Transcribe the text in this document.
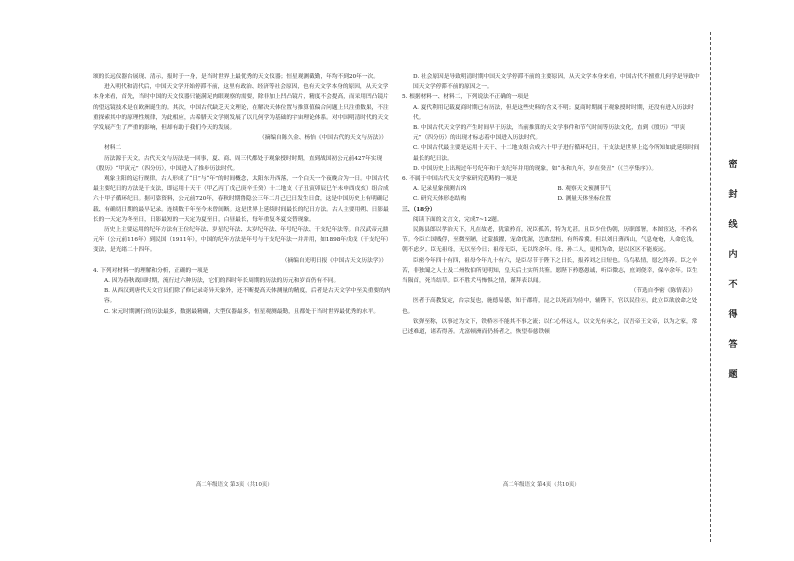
颂的长远仪器台展现、清示，报时于一身，是当时世界上最优秀的天文仪器；恒星观测截勤，年均不到20年一次。

进入明代和清代后，中国天文学开始停滞不前，这里有政治、经济等社会原因，也有天文学本身的原因，从天文学本身来看，首先，当时中国的天文仪器只能满足肉眼观察的需要，除非加上凹凸镜片，精度不会提高，而采用凹凸镜片的望远镜技术是在欧洲诞生的。其次，中国古代缺乏天文理论，在解决天体位置与推算值偏合问题上只注重数果，不注重探索其中的原理性规律，为此相应，古希腊天文学则发展了以几何学为基础的宇宙理论体系。对中国明清时代的天文学发展产生了严重的影响，但却有助于我们今天的发展。

（摘编自陈久金、杨怡《中国古代的天文与历法》）

材料二

历法源于天文，古代天文与历法是一回事，夏、商、周三代都处于观象授时时期，直到战国初公元前427年实现《殷历》“甲寅元”（四分历），中国进入了推步历法时代。

观象主阳的运行规律，古人形成了“日”与“年”的时间概念，太阳东升西落，一个白天一个夜晚合为一日。中国古代最主要纪日的方法是干支法，即运用十天干（甲乙丙丁戊己庚辛壬癸）十二地支（子丑寅卯辰巳午未申酉戌亥）组合成六十甲子循环纪日。据可靠资料，公元前720年，春秋时期鲁隐公三年二月己巳日发生日食，这是中国历史上有明确记载、有确切日期的最早记录。连续数千年至今未曾间断。这是世界上延续时间最长的纪日方法。古人主要用朔、日影最长的一天定为冬至日，日影最短的一天定为夏至日，白昼最长，每年重复冬夏交替现象。

历史上主要运用的纪年方法有王位纪年法、岁星纪年法、太岁纪年法、年号纪年法、干支纪年法等。自汉武帝元鼎元年（公元前116年）到民国（1911年），中国的纪年方法是年号与干支纪年法一并并用，如1898年戊戌（干支纪年）变法，是光绪二十四年。

（摘编自光明日报《中国古天文历法学》）

4. 下列对材料一的理解和分析，正确的一项是

A. 因为春秋战国时期，流行过六种历法，它们的四时年长周期的历法的历元和岁首仍有不同。

B. 从西汉到唐代天文官员们除了修记录奇异天象外，还不断提高天体测量的精度，后者是古天文学中至关重要的内容。

C. 宋元时期测行的历法最多，数据最精确，大型仪器最多，恒星观测最勤，且都处于当时世界最优秀的水平。

高二年级语文 第3页（共10页）

D. 社会原因是导致明清时期中国天文学停滞不前的主要原因，从天文学本身来看，中国古代不擅重几何学是导致中国天文学停滞不前的原因之一。

5. 根据材料一、材料二，下列说法不正确的一项是

A. 夏代利用记载夏商时期已有历法，但是这些史料的含义不明；夏商时期属于观象授时时期，还没有进入历法时代。

B. 中国古代天文学的产生时间早于历法，当前推算的天文学事件和节气时间等历法文化，直到《殷历》“甲寅元”（四分历）的出现才标志着中国进入历法时代。

C. 中国古代最主要是运用十天干、十二地支组合成六十甲子进行循环纪日，干支法是世界上迄今所知如此延续时间最长的纪日法。

D. 中国历史上出现过年号纪年和干支纪年并用的现象，如“永和九年，岁在癸丑”（《兰亭集序》）。

6. 不属于中国古代天文学家研究范畴的一项是

A. 记录星象预测吉凶	B. 观察天文预测节气
C. 研究天体形态结构	D. 测量天体坐标位置

三、（18分）

阅读下面的文言文，完成7~12题。

民陈县郎以孝治天下，凡在故老，犹蒙矜育，况臣孤苦，特为尤甚。且臣少仕伪朝，历职郎署，本图宦达，不矜名节。今臣亡国贱俘，至微至陋，过蒙拔擢，宠命优渥，岂敢盘桓，有所希冀。但以刘日薄西山，气息奄奄，人命危浅，朝不虑夕。臣无祖母，无以至今日；祖母无臣，无以终余年。母、孙二人，更相为命，是以区区不能废远。

臣密今年四十有四，祖母今年九十有六，是臣尽节于陛下之日长，报养刘之日短也。乌鸟私情，愿乞终养。臣之辛苦，非独蜀之人士及二州牧伯所见明知，皇天后土实所共鉴。愿陛下矜愍愚诚，听臣微志，庶刘侥幸，保卒余年。臣生当陨首，死当结草。臣不胜犬马怖惧之情，谨拜表以闻。

（节选自李密《陈情表》）

医者于高教复定，台宗复也，施德易德，知于郡将，昆之以死而为侍中，辅陛下，官以民往⑥，此立臣欲放命之处也。

钦弹至称，以事过为文下，铁桥⑧不能其不事之流；以仁心怀远人，以文光有承之，汉吾帝王文帝，以为之家，常已述难道，诸若得善。尤富顿洲而仍扬者之，恢望奉慈铁顿

高二年级语文 第4页（共10页）
密
封
线
内
不
得
答
题
